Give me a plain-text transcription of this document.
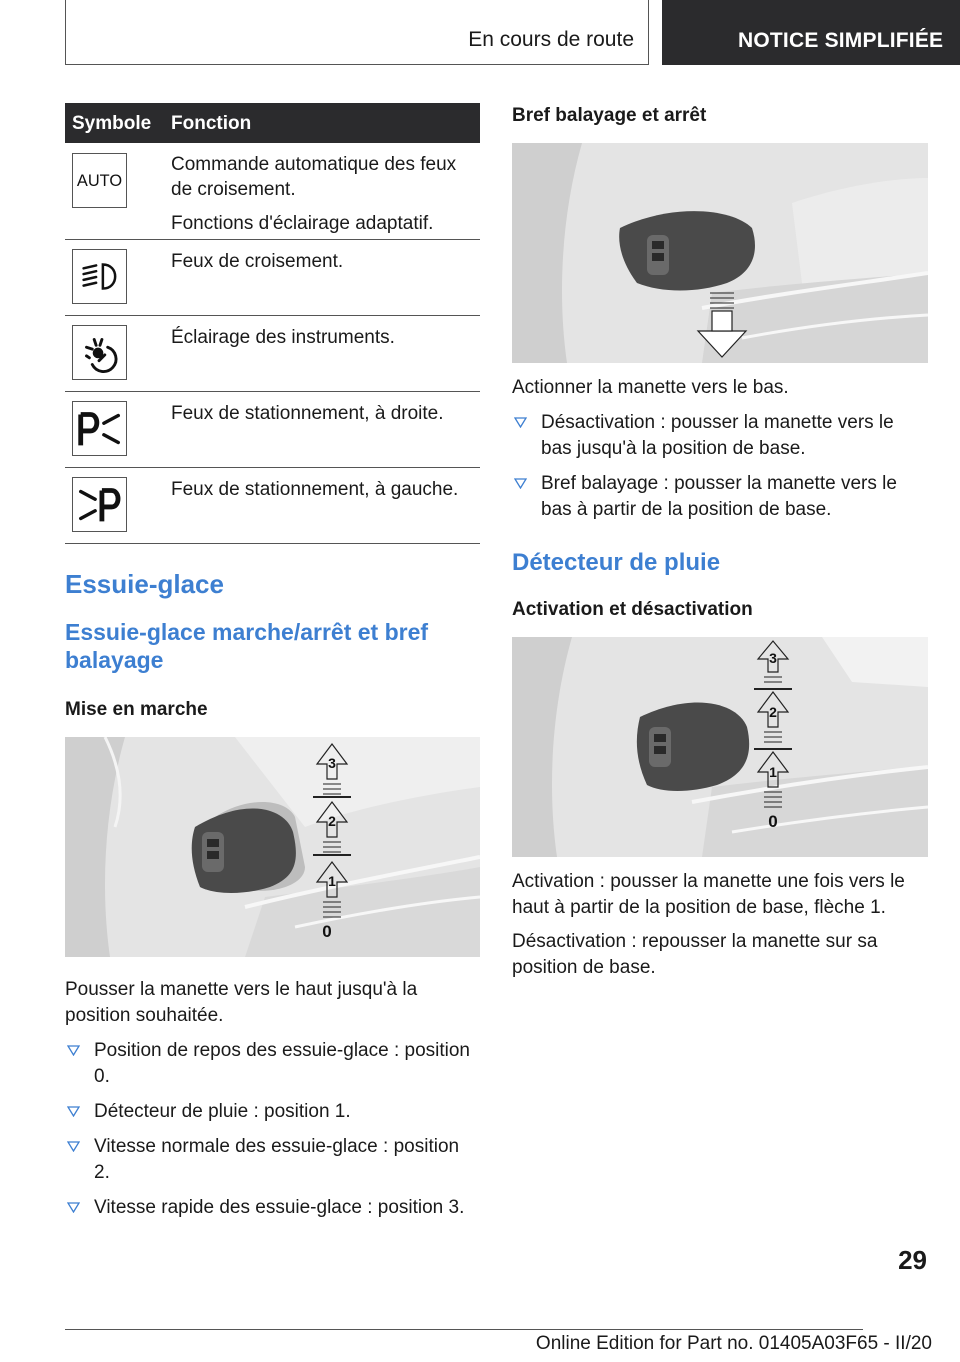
En cours de route	NOTICE SIMPLIFIÉE
Symbole Fonction
AUTO

Commande automatique des feux de croisement.

Fonctions d'éclairage adaptatif.

Feux de croisement.

Éclairage des instruments.

Feux de stationnement, à droite.

Feux de stationnement, à gauche.

Essuie-glace
Essuie-glace marche/arrêt et bref balayage
Mise en marche
1
2
3
0
Pousser la manette vers le haut jusqu'à la position souhaitée.
Position de repos des essuie-glace : position 0.
Détecteur de pluie : position 1.
Vitesse normale des essuie-glace : position 2.
Vitesse rapide des essuie-glace : position 3.
Bref balayage et arrêt
Actionner la manette vers le bas.
Désactivation : pousser la manette vers le bas jusqu'à la position de base.
Bref balayage : pousser la manette vers le bas à partir de la position de base.
Détecteur de pluie
Activation et désactivation
1
2
3
0
Activation : pousser la manette une fois vers le haut à partir de la position de base, flèche 1.
Désactivation : repousser la manette sur sa position de base.
29
Online Edition for Part no. 01405A03F65 - II/20
